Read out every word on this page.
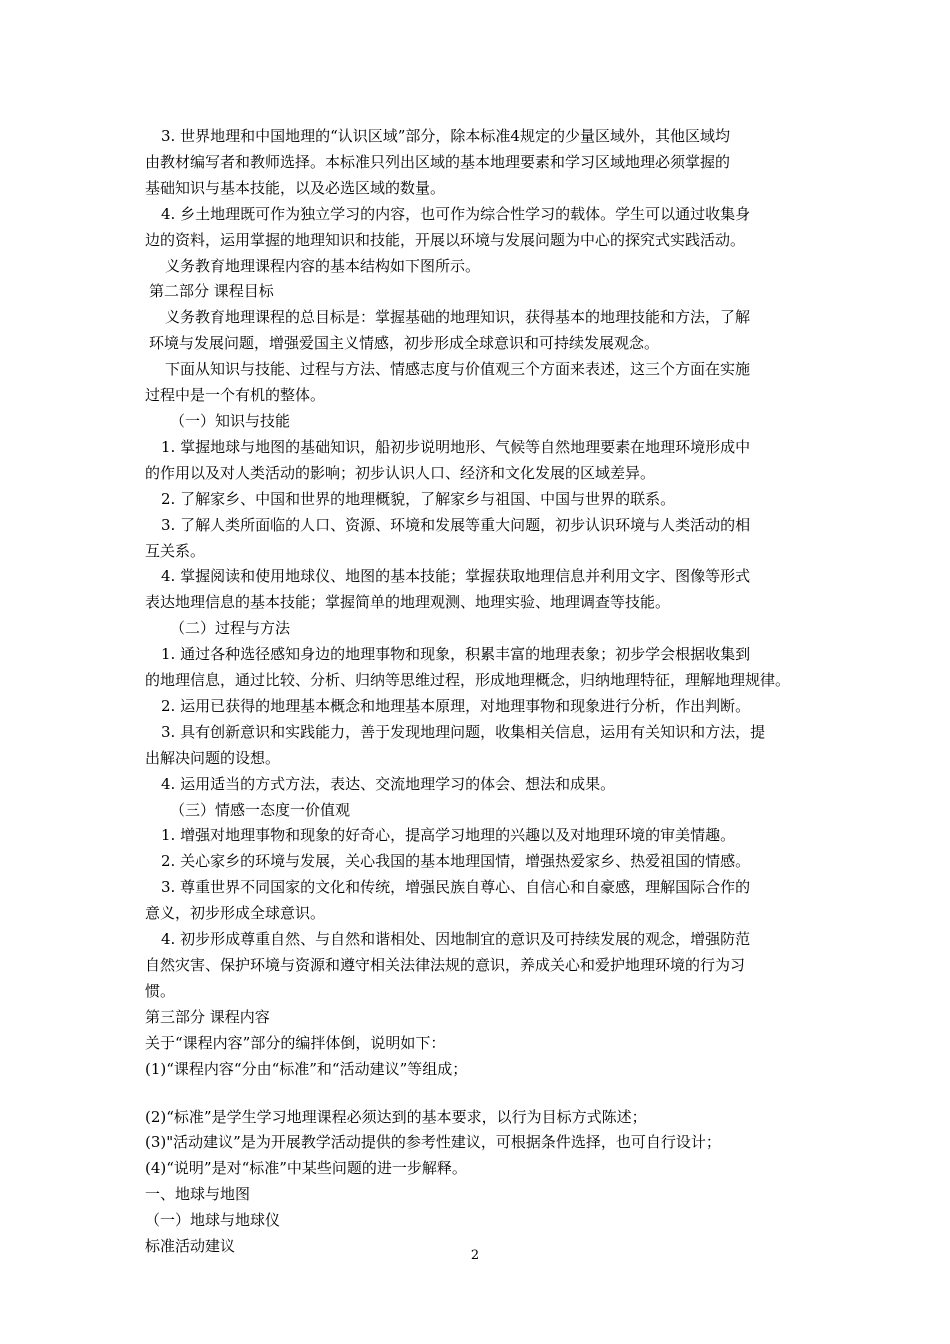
3. 世界地理和中国地理的“认识区域”部分，除本标准4规定的少量区域外，其他区域均
由教材编写者和教师选择。本标准只列出区域的基本地理要素和学习区域地理必须掌握的
基础知识与基本技能，以及必选区域的数量。
4. 乡土地理既可作为独立学习的内容，也可作为综合性学习的载体。学生可以通过收集身
边的资料，运用掌握的地理知识和技能，开展以环境与发展问题为中心的探究式实践活动。
义务教育地理课程内容的基本结构如下图所示。
第二部分 课程目标
义务教育地理课程的总目标是：掌握基础的地理知识，获得基本的地理技能和方法，了解
环境与发展问题，增强爱国主义情感，初步形成全球意识和可持续发展观念。
下面从知识与技能、过程与方法、情感志度与价值观三个方面来表述，这三个方面在实施
过程中是一个有机的整体。
（一）知识与技能
1. 掌握地球与地图的基础知识，船初步说明地形、气候等自然地理要素在地理环境形成中
的作用以及对人类活动的影响；初步认识人口、经济和文化发展的区域差异。
2. 了解家乡、中国和世界的地理概貌，了解家乡与祖国、中国与世界的联系。
3. 了解人类所面临的人口、资源、环境和发展等重大问题，初步认识环境与人类活动的相
互关系。
4. 掌握阅读和使用地球仪、地图的基本技能；掌握获取地理信息并利用文字、图像等形式
表达地理信息的基本技能；掌握简单的地理观测、地理实验、地理调查等技能。
（二）过程与方法
1. 通过各种选径感知身边的地理事物和现象，积累丰富的地理表象；初步学会根据收集到
的地理信息，通过比较、分析、归纳等思维过程，形成地理概念，归纳地理特征，理解地理规律。
2. 运用已获得的地理基本概念和地理基本原理，对地理事物和现象进行分析，作出判断。
3. 具有创新意识和实践能力，善于发现地理问题，收集相关信息，运用有关知识和方法，提
出解决问题的设想。
4. 运用适当的方式方法，表达、交流地理学习的体会、想法和成果。
（三）情感一态度一价值观
1. 增强对地理事物和现象的好奇心，提高学习地理的兴趣以及对地理环境的审美情趣。
2. 关心家乡的环境与发展，关心我国的基本地理国情，增强热爱家乡、热爱祖国的情感。
3. 尊重世界不同国家的文化和传统，增强民族自尊心、自信心和自豪感，理解国际合作的
意义，初步形成全球意识。
4. 初步形成尊重自然、与自然和谐相处、因地制宜的意识及可持续发展的观念，增强防范
自然灾害、保护环境与资源和遵守相关法律法规的意识，养成关心和爱护地理环境的行为习
惯。
第三部分 课程内容
关于“课程内容”部分的编拌体倒，说明如下：
(1)“课程内容“分由“标准”和“活动建议”等组成；
(2)“标准”是学生学习地理课程必须达到的基本要求，以行为目标方式陈述；
(3)"活动建议”是为开展教学活动提供的参考性建议，可根据条件选择，也可自行设计；
(4)“说明”是对“标准”中某些问题的进一步解释。
一、地球与地图
（一）地球与地球仪
标准活动建议
2
